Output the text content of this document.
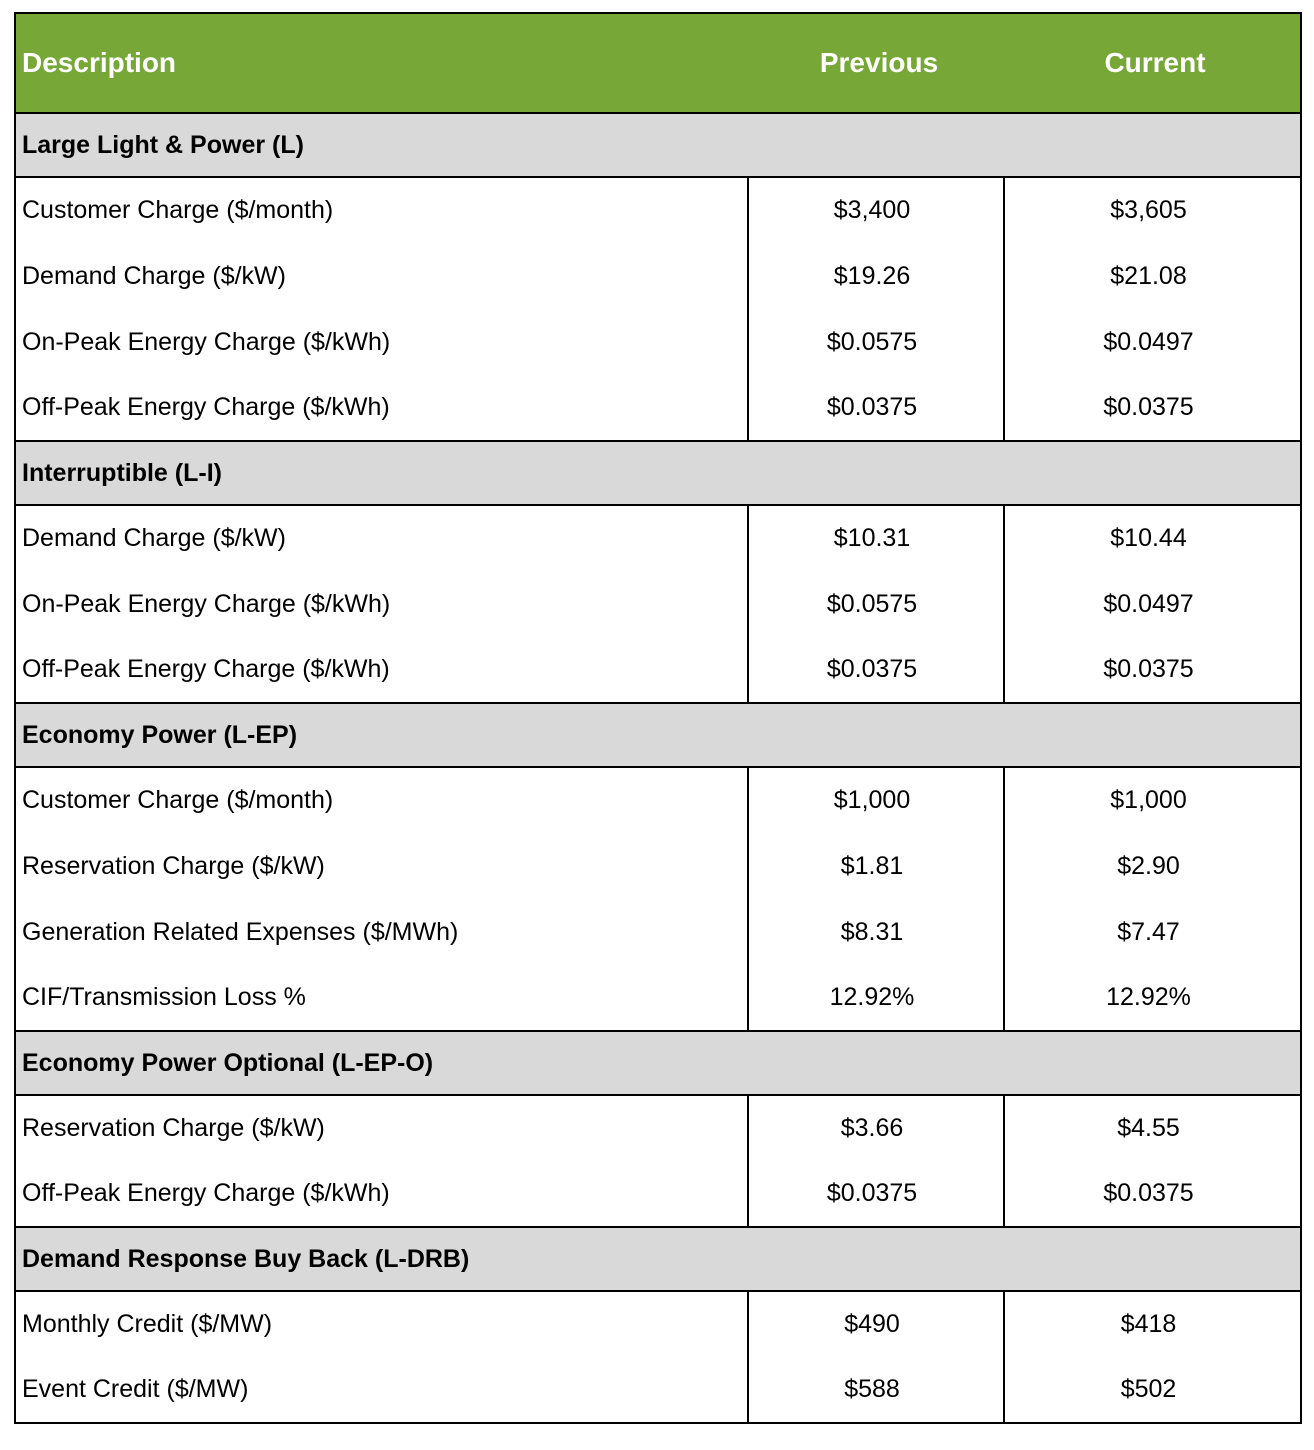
Description	Previous	Current
Large Light & Power (L)		
Customer Charge ($/month)	$3,400	$3,605
Demand Charge ($/kW)	$19.26	$21.08
On-Peak Energy Charge ($/kWh)	$0.0575	$0.0497
Off-Peak Energy Charge ($/kWh)	$0.0375	$0.0375
Interruptible (L-I)		
Demand Charge ($/kW)	$10.31	$10.44
On-Peak Energy Charge ($/kWh)	$0.0575	$0.0497
Off-Peak Energy Charge ($/kWh)	$0.0375	$0.0375
Economy Power (L-EP)		
Customer Charge ($/month)	$1,000	$1,000
Reservation Charge ($/kW)	$1.81	$2.90
Generation Related Expenses ($/MWh)	$8.31	$7.47
CIF/Transmission Loss %	12.92%	12.92%
Economy Power Optional (L-EP-O)		
Reservation Charge ($/kW)	$3.66	$4.55
Off-Peak Energy Charge ($/kWh)	$0.0375	$0.0375
Demand Response Buy Back (L-DRB)		
Monthly Credit ($/MW)	$490	$418
Event Credit ($/MW)	$588	$502
